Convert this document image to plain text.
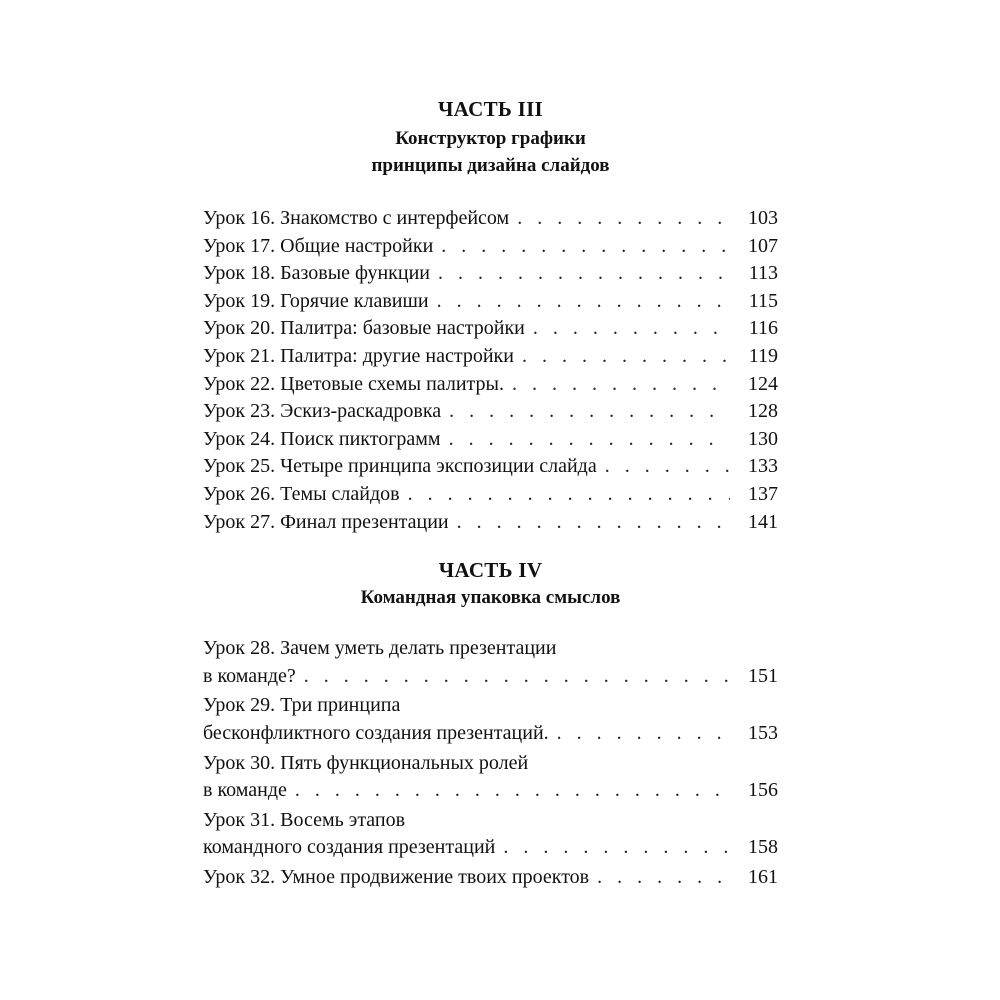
ЧАСТЬ III
Конструктор графики
принципы дизайна слайдов
Урок 16. Знакомство с интерфейсом . . .	103
Урок 17. Общие настройки . . .	107
Урок 18. Базовые функции . . .	113
Урок 19. Горячие клавиши . . .	115
Урок 20. Палитра: базовые настройки . . .	116
Урок 21. Палитра: другие настройки . . .	119
Урок 22. Цветовые схемы палитры. . . .	124
Урок 23. Эскиз-раскадровка . . .	128
Урок 24. Поиск пиктограмм . . .	130
Урок 25. Четыре принципа экспозиции слайда . . .	133
Урок 26. Темы слайдов . . .	137
Урок 27. Финал презентации . . .	141
ЧАСТЬ IV
Командная упаковка смыслов
Урок 28. Зачем уметь делать презентации
в команде? . . .	151
Урок 29. Три принципа
бесконфликтного создания презентаций. . . .	153
Урок 30. Пять функциональных ролей
в команде . . .	156
Урок 31. Восемь этапов
командного создания презентаций . . .	158
Урок 32. Умное продвижение твоих проектов . . .	161
